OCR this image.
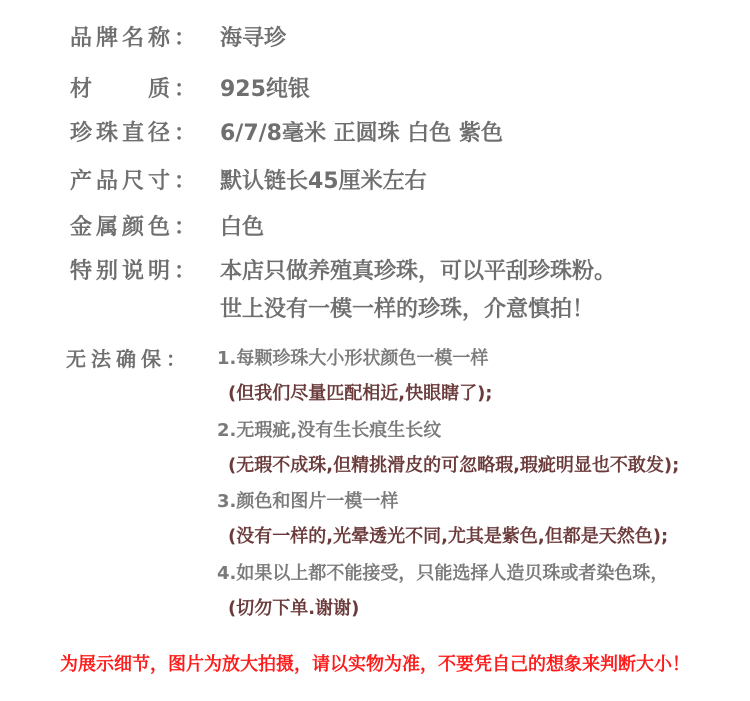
品牌名称： 海寻珍
材　　质： 925纯银
珍珠直径： 6/7/8毫米 正圆珠 白色 紫色
产品尺寸： 默认链长45厘米左右
金属颜色： 白色
特别说明： 本店只做养殖真珍珠，可以平刮珍珠粉。
世上没有一模一样的珍珠，介意慎拍！
无法确保：	1.每颗珍珠大小形状颜色一模一样
(但我们尽量匹配相近,快眼瞎了);
2.无瑕疵,没有生长痕生长纹
(无瑕不成珠,但精挑滑皮的可忽略瑕,瑕疵明显也不敢发);
3.颜色和图片一模一样
(没有一样的,光晕透光不同,尤其是紫色,但都是天然色);
4.如果以上都不能接受，只能选择人造贝珠或者染色珠，
(切勿下单.谢谢)
为展示细节，图片为放大拍摄，请以实物为准，不要凭自己的想象来判断大小！
